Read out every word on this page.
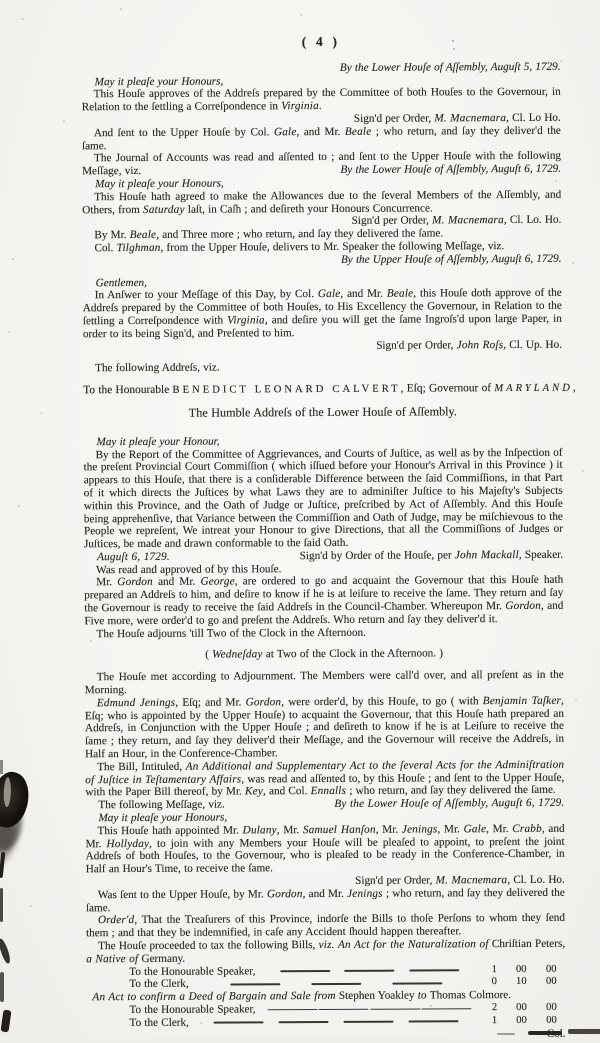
( 4 )
By the Lower Houſe of Aſſembly, Auguſt 5, 1729.
May it pleaſe your Honours,
This Houſe approves of the Addreſs prepared by the Committee of both Houſes to the Governour, in Relation to the ſettling a Correſpondence in Virginia.
Sign'd per Order, M. Macnemara, Cl. Lo Ho.
And ſent to the Upper Houſe by Col. Gale, and Mr. Beale ; who return, and ſay they deliver'd the ſame.
The Journal of Accounts was read and aſſented to ; and ſent to the Upper Houſe with the following Meſſage, viz.	By the Lower Houſe of Aſſembly, Auguſt 6, 1729.
May it pleaſe your Honours,
This Houſe hath agreed to make the Allowances due to the ſeveral Members of the Aſſembly, and Others, from Saturday laſt, in Caſh ; and deſireth your Honours Concurrence.
Sign'd per Order, M. Macnemara, Cl. Lo. Ho.
By Mr. Beale, and Three more ; who return, and ſay they delivered the ſame.
Col. Tilghman, from the Upper Houſe, delivers to Mr. Speaker the following Meſſage, viz.
By the Upper Houſe of Aſſembly, Auguſt 6, 1729.
Gentlemen,
In Anſwer to your Meſſage of this Day, by Col. Gale, and Mr. Beale, this Houſe doth approve of the Addreſs prepared by the Committee of both Houſes, to His Excellency the Governour, in Relation to the ſettling a Correſpondence with Virginia, and deſire you will get the ſame Ingroſs'd upon large Paper, in order to its being Sign'd, and Preſented to him.
Sign'd per Order, John Roſs, Cl. Up. Ho.
The following Addreſs, viz.
To the Honourable BENEDICT LEONARD CALVERT, Eſq; Governour of MARYLAND,
The Humble Addreſs of the Lower Houſe of Aſſembly.
May it pleaſe your Honour,
By the Report of the Committee of Aggrievances, and Courts of Juſtice, as well as by the Inſpection of the preſent Provincial Court Commiſſion ( which iſſued before your Honour's Arrival in this Province ) it appears to this Houſe, that there is a conſiderable Difference between the ſaid Commiſſions, in that Part of it which directs the Juſtices by what Laws they are to adminiſter Juſtice to his Majeſty's Subjects within this Province, and the Oath of Judge or Juſtice, preſcribed by Act of Aſſembly. And this Houſe being apprehenſive, that Variance between the Commiſſion and Oath of Judge, may be miſchievous to the People we repreſent, We intreat your Honour to give Directions, that all the Commiſſions of Judges or Juſtices, be made and drawn conformable to the ſaid Oath.
Auguſt 6, 1729.	Sign'd by Order of the Houſe, per John Mackall, Speaker.
Was read and approved of by this Houſe.
Mr. Gordon and Mr. George, are ordered to go and acquaint the Governour that this Houſe hath prepared an Addreſs to him, and deſire to know if he is at leiſure to receive the ſame. They return and ſay the Governour is ready to receive the ſaid Addreſs in the Council-Chamber. Whereupon Mr. Gordon, and Five more, were order'd to go and preſent the Addreſs. Who return and ſay they deliver'd it.
The Houſe adjourns 'till Two of the Clock in the Afternoon.
( Wedneſday at Two of the Clock in the Afternoon. )
The Houſe met according to Adjournment. The Members were call'd over, and all preſent as in the Morning.
Edmund Jenings, Eſq; and Mr. Gordon, were order'd, by this Houſe, to go ( with Benjamin Taſker, Eſq; who is appointed by the Upper Houſe) to acquaint the Governour, that this Houſe hath prepared an Addreſs, in Conjunction with the Upper Houſe ; and deſireth to know if he is at Leiſure to receive the ſame ; they return, and ſay they deliver'd their Meſſage, and the Governour will receive the Addreſs, in Half an Hour, in the Conference-Chamber.
The Bill, Intituled, An Additional and Supplementary Act to the ſeveral Acts for the Adminiſtration of Juſtice in Teſtamentary Affairs, was read and aſſented to, by this Houſe ; and ſent to the Upper Houſe, with the Paper Bill thereof, by Mr. Key, and Col. Ennalls ; who return, and ſay they delivered the ſame.
The following Meſſage, viz.	By the Lower Houſe of Aſſembly, Auguſt 6, 1729.
May it pleaſe your Honours,
This Houſe hath appointed Mr. Dulany, Mr. Samuel Hanſon, Mr. Jenings, Mr. Gale, Mr. Crabb, and Mr. Hollyday, to join with any Members your Houſe will be pleaſed to appoint, to preſent the joint Addreſs of both Houſes, to the Governour, who is pleaſed to be ready in the Conference-Chamber, in Half an Hour's Time, to receive the ſame.
Sign'd per Order, M. Macnemara, Cl. Lo. Ho.
Was ſent to the Upper Houſe, by Mr. Gordon, and Mr. Jenings ; who return, and ſay they delivered the ſame.
Order'd, That the Treaſurers of this Province, indorſe the Bills to thoſe Perſons to whom they ſend them ; and that they be indemnified, in caſe any Accident ſhould happen thereafter.
The Houſe proceeded to tax the following Bills, viz. An Act for the Naturalization of Chriſtian Peters, a Native of Germany.
To the Honourable Speaker,	1	00	00
To the Clerk,	0	10	00
An Act to confirm a Deed of Bargain and Sale from Stephen Yoakley to Thomas Colmore.
To the Honourable Speaker,	2	00	00
To the Clerk,	1	00	00
Col.
